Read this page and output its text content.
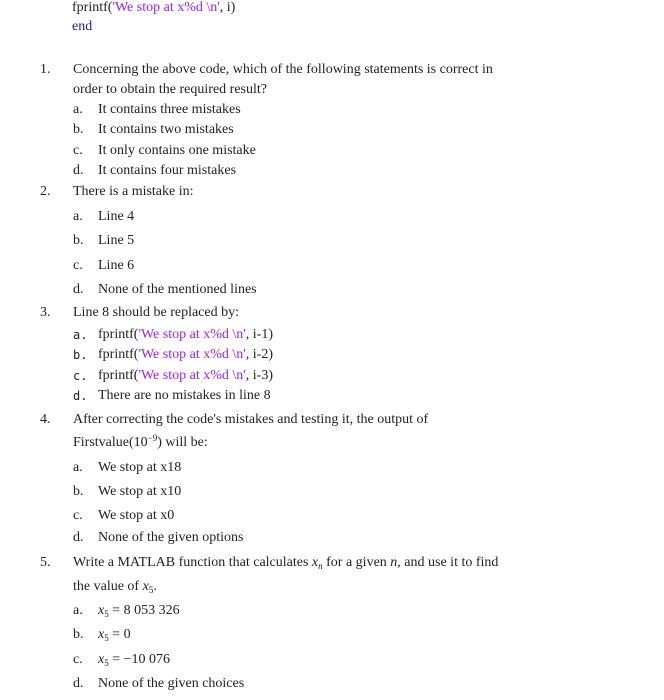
fprintf('We stop at x%d \n', i)
end
1. Concerning the above code, which of the following statements is correct in
order to obtain the required result?
a. It contains three mistakes
b. It contains two mistakes
c. It only contains one mistake
d. It contains four mistakes
2. There is a mistake in:
a. Line 4
b. Line 5
c. Line 6
d. None of the mentioned lines
3. Line 8 should be replaced by:
a. fprintf('We stop at x%d \n', i-1)
b. fprintf('We stop at x%d \n', i-2)
c. fprintf('We stop at x%d \n', i-3)
d. There are no mistakes in line 8
4. After correcting the code's mistakes and testing it, the output of
$Firstvalue(10^{-9})$ will be:
a. We stop at x18
b. We stop at x10
c. We stop at x0
d. None of the given options
5. Write a MATLAB function that calculates $x_n$ for a given n, and use it to find
the value of $x_5$.
a. $x_5 = 8$ 053 326
b. $x_5 = 0$
c. $x_5 = -10$ 076
d. None of the given choices
